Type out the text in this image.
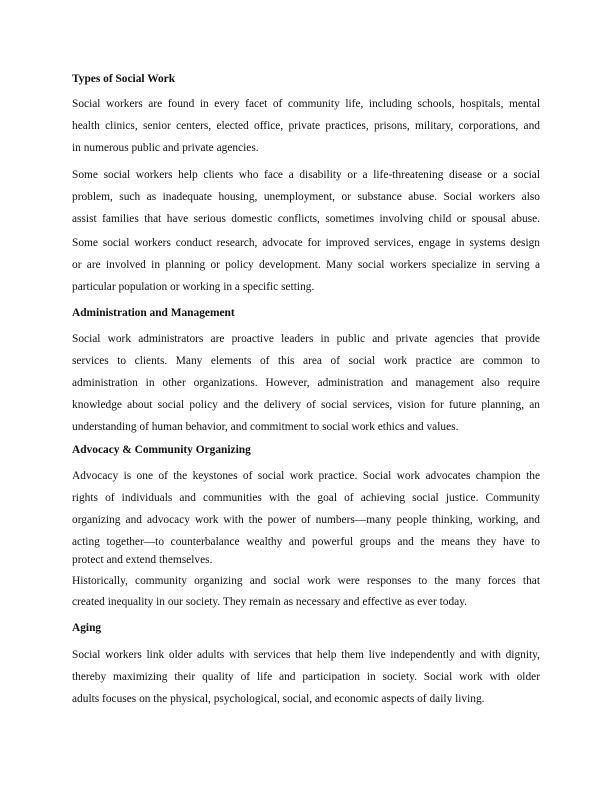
Types of Social Work
Social workers are found in every facet of community life, including schools, hospitals, mental
health clinics, senior centers, elected office, private practices, prisons, military, corporations, and
in numerous public and private agencies.
Some social workers help clients who face a disability or a life-threatening disease or a social
problem, such as inadequate housing, unemployment, or substance abuse. Social workers also
assist families that have serious domestic conflicts, sometimes involving child or spousal abuse.
Some social workers conduct research, advocate for improved services, engage in systems design
or are involved in planning or policy development. Many social workers specialize in serving a
particular population or working in a specific setting.
Administration and Management
Social work administrators are proactive leaders in public and private agencies that provide
services to clients. Many elements of this area of social work practice are common to
administration in other organizations. However, administration and management also require
knowledge about social policy and the delivery of social services, vision for future planning, an
understanding of human behavior, and commitment to social work ethics and values.
Advocacy & Community Organizing
Advocacy is one of the keystones of social work practice. Social work advocates champion the
rights of individuals and communities with the goal of achieving social justice. Community
organizing and advocacy work with the power of numbers—many people thinking, working, and
acting together—to counterbalance wealthy and powerful groups and the means they have to
protect and extend themselves.
Historically, community organizing and social work were responses to the many forces that
created inequality in our society. They remain as necessary and effective as ever today.
Aging
Social workers link older adults with services that help them live independently and with dignity,
thereby maximizing their quality of life and participation in society. Social work with older
adults focuses on the physical, psychological, social, and economic aspects of daily living.
